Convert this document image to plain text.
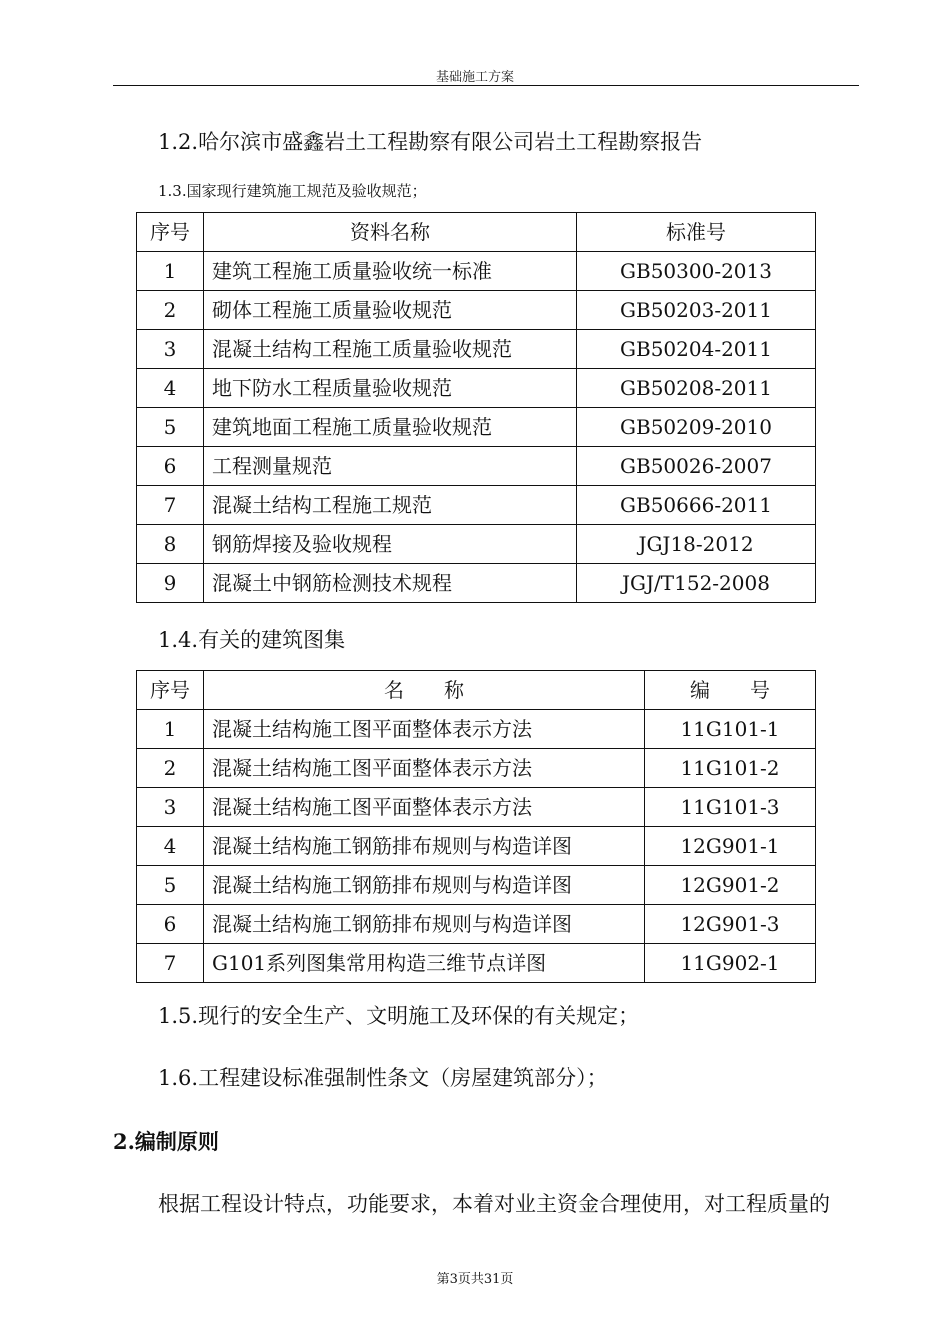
基础施工方案
1.2.哈尔滨市盛鑫岩土工程勘察有限公司岩土工程勘察报告
1.3.国家现行建筑施工规范及验收规范；
序号	资料名称	标准号
1	建筑工程施工质量验收统一标准	GB50300-2013
2	砌体工程施工质量验收规范	GB50203-2011
3	混凝土结构工程施工质量验收规范	GB50204-2011
4	地下防水工程质量验收规范	GB50208-2011
5	建筑地面工程施工质量验收规范	GB50209-2010
6	工程测量规范	GB50026-2007
7	混凝土结构工程施工规范	GB50666-2011
8	钢筋焊接及验收规程	JGJ18-2012
9	混凝土中钢筋检测技术规程	JGJ/T152-2008
1.4.有关的建筑图集
序号	名　　称	编　　号
1	混凝土结构施工图平面整体表示方法	11G101-1
2	混凝土结构施工图平面整体表示方法	11G101-2
3	混凝土结构施工图平面整体表示方法	11G101-3
4	混凝土结构施工钢筋排布规则与构造详图	12G901-1
5	混凝土结构施工钢筋排布规则与构造详图	12G901-2
6	混凝土结构施工钢筋排布规则与构造详图	12G901-3
7	G101系列图集常用构造三维节点详图	11G902-1
1.5.现行的安全生产、文明施工及环保的有关规定；
1.6.工程建设标准强制性条文（房屋建筑部分）；
2.编制原则
根据工程设计特点，功能要求，本着对业主资金合理使用，对工程质量的
第3页共31页
